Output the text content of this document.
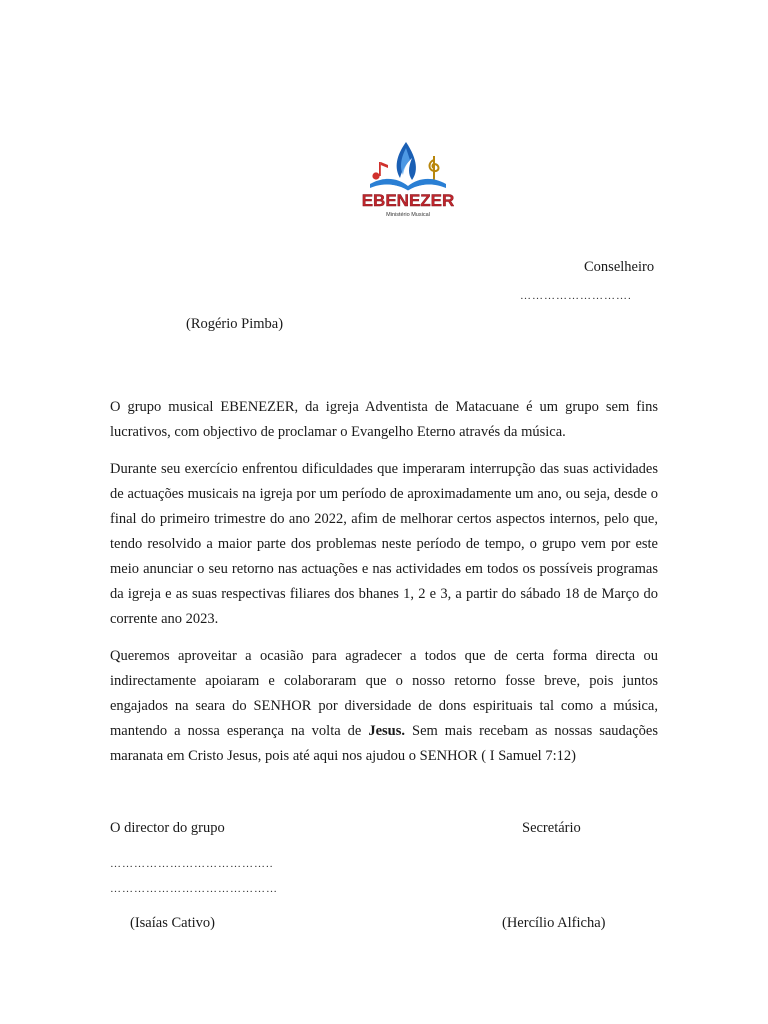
EBENEZER
Ministério Musical
Conselheiro
……………………….
(Rogério Pimba)

O grupo musical EBENEZER, da igreja Adventista de Matacuane é um grupo sem fins lucrativos, com objectivo de proclamar o Evangelho Eterno através da música.

Durante seu exercício enfrentou dificuldades que imperaram interrupção das suas actividades de actuações musicais na igreja por um período de aproximadamente um ano, ou seja, desde o final do primeiro trimestre do ano 2022, afim de melhorar certos aspectos internos, pelo que, tendo resolvido a maior parte dos problemas neste período de tempo, o grupo vem por este meio anunciar o seu retorno nas actuações e nas actividades em todos os possíveis programas da igreja e as suas respectivas filiares dos bhanes 1, 2 e 3, a partir do sábado 18 de Março do corrente ano 2023.

Queremos aproveitar a ocasião para agradecer a todos que de certa forma directa ou indirectamente apoiaram e colaboraram que o nosso retorno fosse breve, pois juntos engajados na seara do SENHOR por diversidade de dons espirituais tal como a música, mantendo a nossa esperança na volta de Jesus. Sem mais recebam as nossas saudações maranata em Cristo Jesus, pois até aqui nos ajudou o SENHOR ( I Samuel 7:12)

O director do grupo	Secretário
…………………………………..
……………………………………
(Isaías Cativo)	(Hercílio Alficha)
